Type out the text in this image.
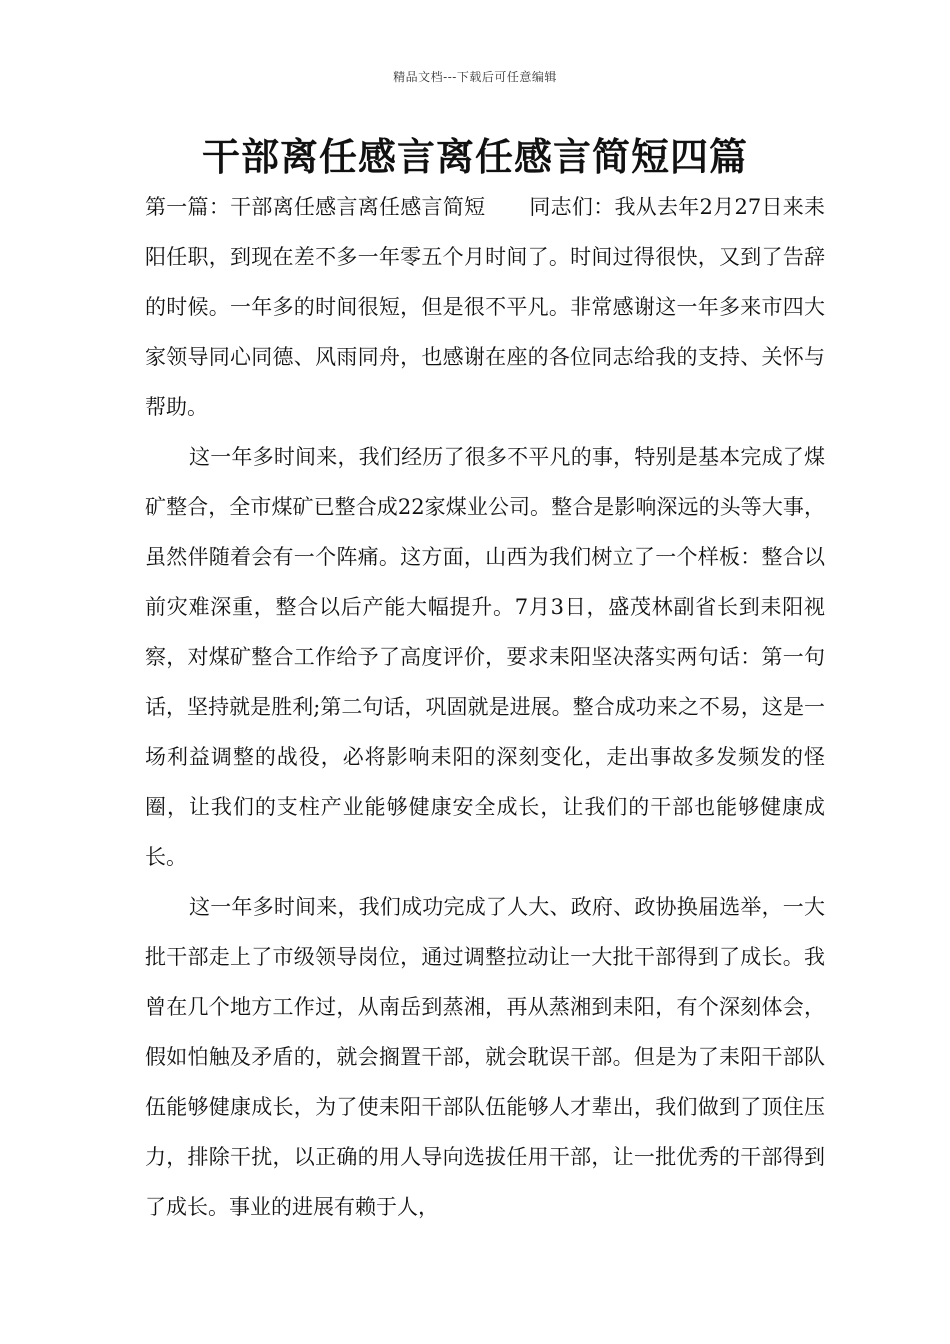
精品文档---下载后可任意编辑
干部离任感言离任感言简短四篇

第一篇：干部离任感言离任感言简短 同志们：我从去年2月27日来耒阳任职，到现在差不多一年零五个月时间了。时间过得很快，又到了告辞的时候。一年多的时间很短，但是很不平凡。非常感谢这一年多来市四大家领导同心同德、风雨同舟，也感谢在座的各位同志给我的支持、关怀与帮助。

这一年多时间来，我们经历了很多不平凡的事，特别是基本完成了煤矿整合，全市煤矿已整合成22家煤业公司。整合是影响深远的头等大事，虽然伴随着会有一个阵痛。这方面，山西为我们树立了一个样板：整合以前灾难深重，整合以后产能大幅提升。7月3日，盛茂林副省长到耒阳视察，对煤矿整合工作给予了高度评价，要求耒阳坚决落实两句话：第一句话，坚持就是胜利;第二句话，巩固就是进展。整合成功来之不易，这是一场利益调整的战役，必将影响耒阳的深刻变化，走出事故多发频发的怪圈，让我们的支柱产业能够健康安全成长，让我们的干部也能够健康成长。

这一年多时间来，我们成功完成了人大、政府、政协换届选举，一大批干部走上了市级领导岗位，通过调整拉动让一大批干部得到了成长。我曾在几个地方工作过，从南岳到蒸湘，再从蒸湘到耒阳，有个深刻体会，假如怕触及矛盾的，就会搁置干部，就会耽误干部。但是为了耒阳干部队伍能够健康成长，为了使耒阳干部队伍能够人才辈出，我们做到了顶住压力，排除干扰，以正确的用人导向选拔任用干部，让一批优秀的干部得到了成长。事业的进展有赖于人，
